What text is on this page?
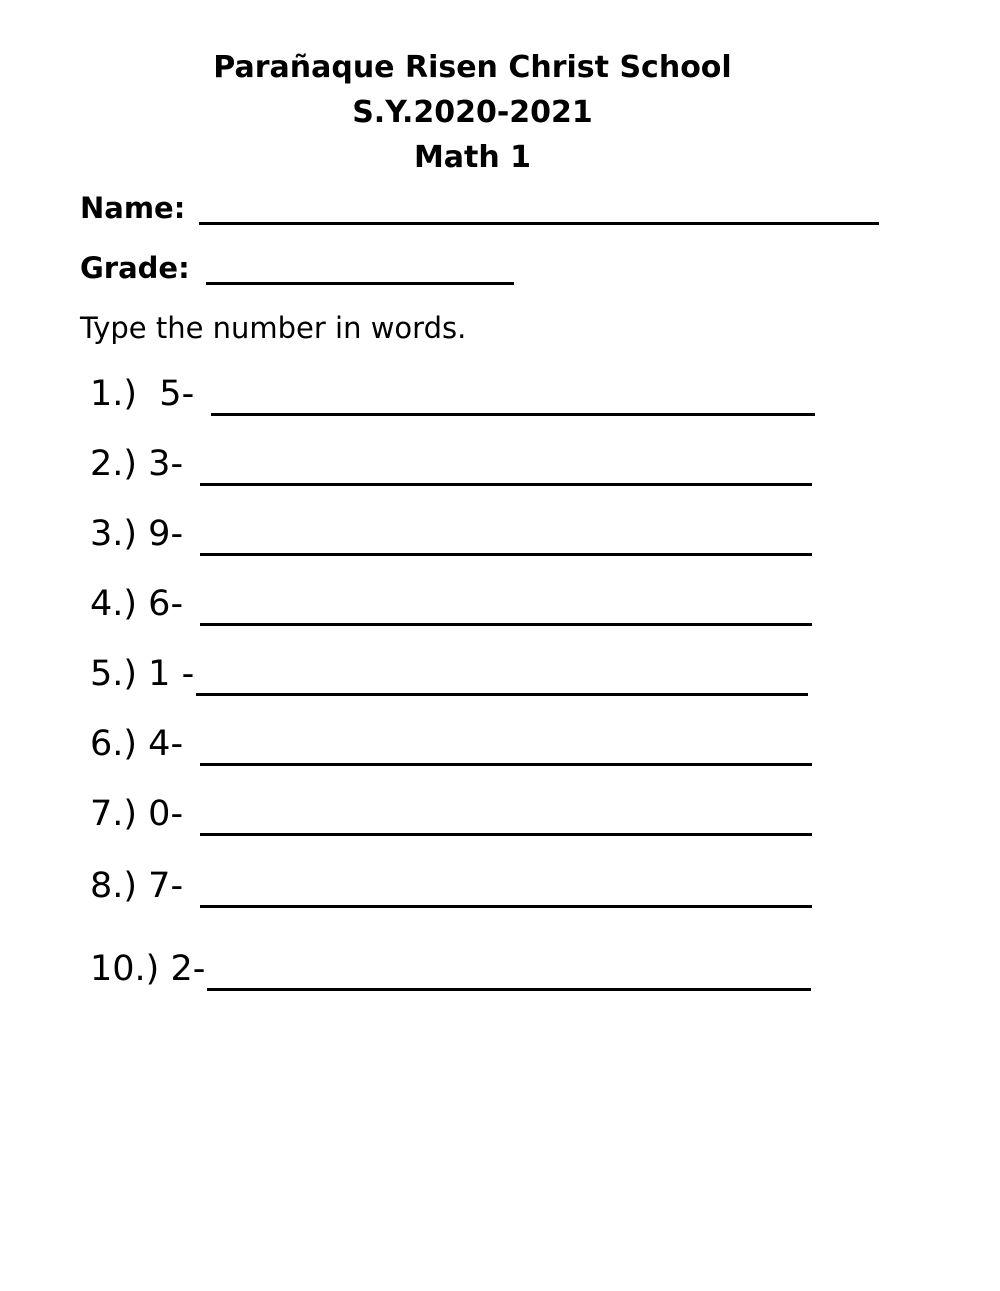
Parañaque Risen Christ School
S.Y.2020-2021
Math 1
Name:
Grade:
Type the number in words.
1.)  5-
2.) 3-
3.) 9-
4.) 6-
5.) 1 -
6.) 4-
7.) 0-
8.) 7-
10.) 2-
